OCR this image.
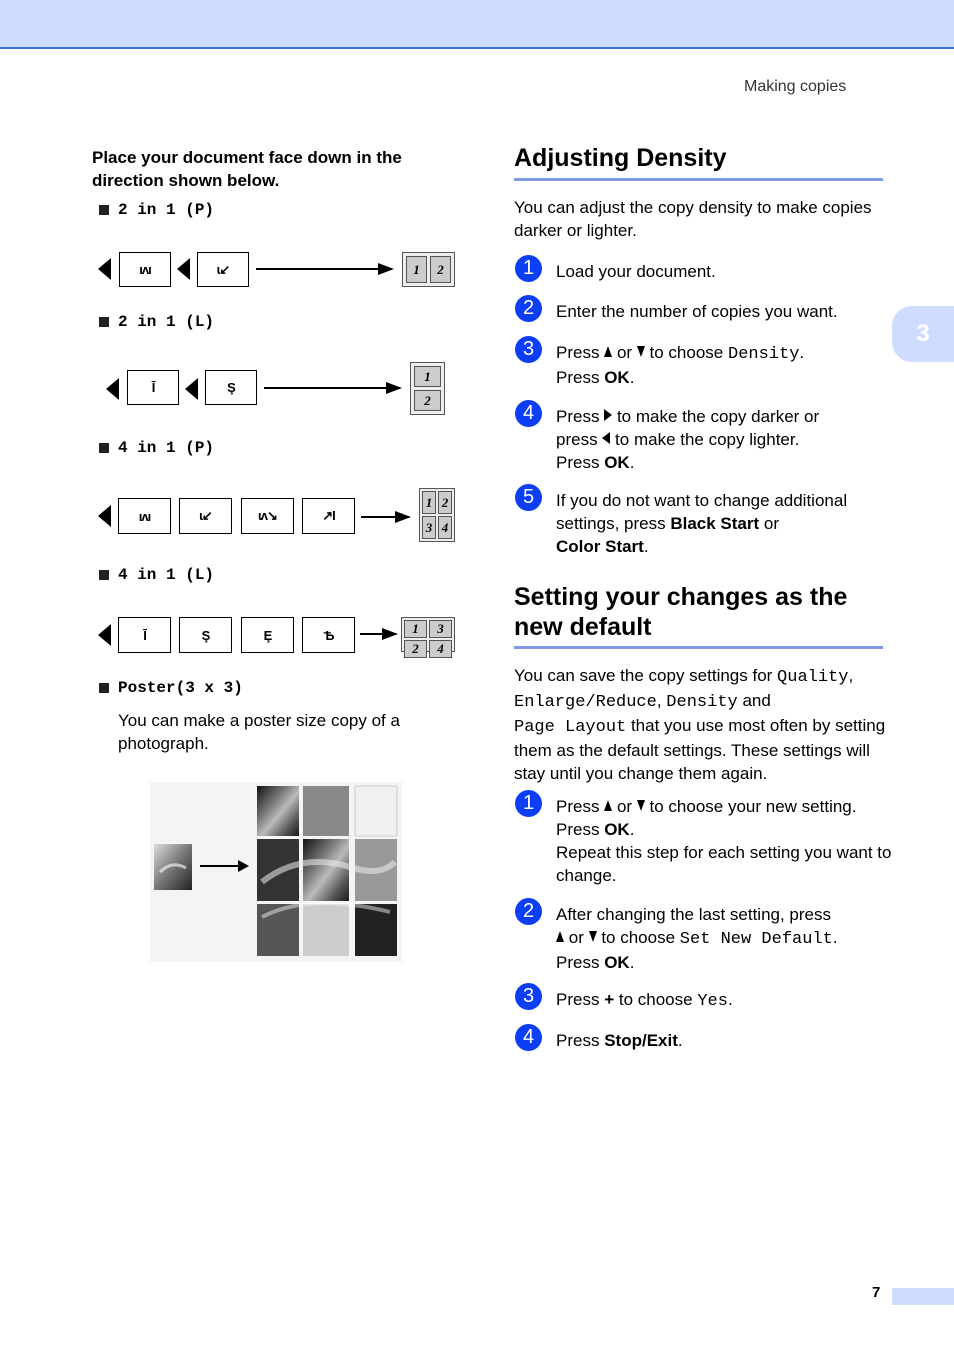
Making copies
3
7
Place your document face down in the direction shown below.
2 in 1 (P)
ıʌı	ɩ↙	1	2
2 in 1 (L)
Ī	Ş
1
2
4 in 1 (P)
ıʌı	ɩ↙	ɩʌ↘	↗Ɩ
1 2
3 4
4 in 1 (L)
Ī	Ş	Ȩ	Ѣ	1	3
2	4
Poster(3 x 3)
You can make a poster size copy of a photograph.
Adjusting Density
You can adjust the copy density to make copies darker or lighter.
1	Load your document.
2	Enter the number of copies you want.
3	Press or to choose Density.
Press OK.
4	Press to make the copy darker or
press to make the copy lighter.
Press OK.
5	If you do not want to change additional settings, press Black Start or
Color Start.
Setting your changes as the
new default
You can save the copy settings for Quality,
Enlarge/Reduce, Density and
Page Layout that you use most often by setting them as the default settings. These settings will stay until you change them again.
1	Press or to choose your new setting.
Press OK.
Repeat this step for each setting you want to change.
2	After changing the last setting, press
or to choose Set New Default.
Press OK.
3	Press + to choose Yes.
4	Press Stop/Exit.
